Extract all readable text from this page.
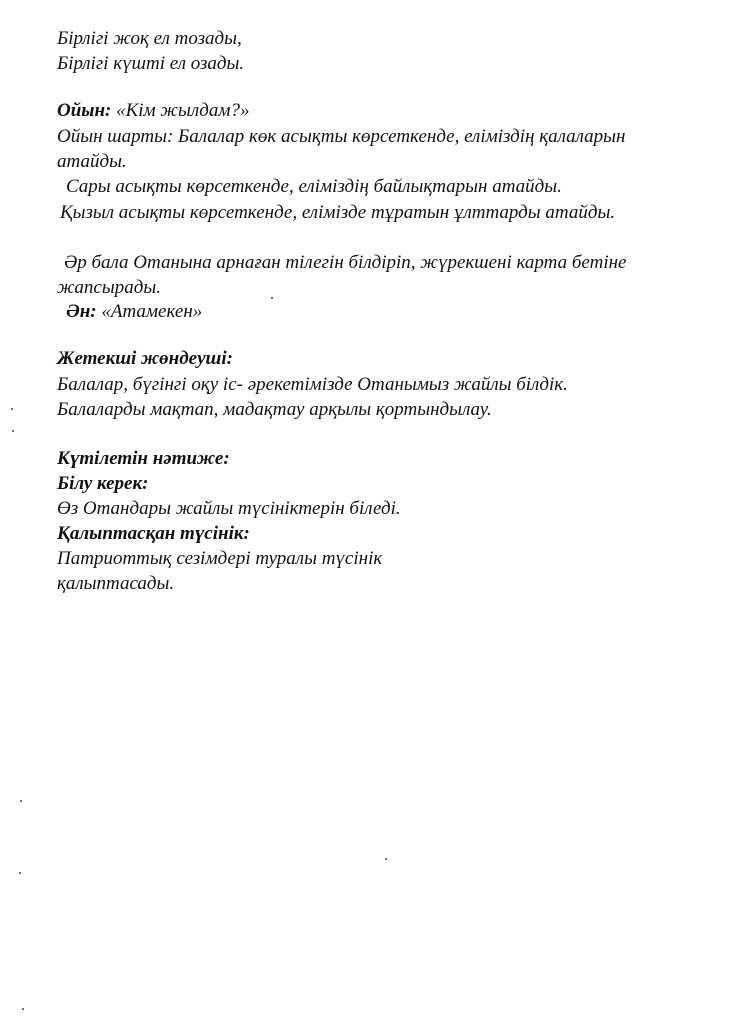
Бірлігі жоқ ел тозады,
Бірлігі күшті ел озады.
Ойын: «Кім жылдам?»
Ойын шарты: Балалар көк асықты көрсеткенде, еліміздің қалаларын
атайды.
Сары асықты көрсеткенде, еліміздің байлықтарын атайды.
Қызыл асықты көрсеткенде, елімізде тұратын ұлттарды атайды.
Әр бала Отанына арнаған тілегін білдіріп, жүрекшені карта бетіне
жапсырады.
Ән: «Атамекен»
Жетекші жөндеуші:
Балалар, бүгінгі оқу іс- әрекетімізде Отанымыз жайлы білдік.
Балаларды мақтап, мадақтау арқылы қортындылау.
Күтілетін нәтиже:
Білу керек:
Өз Отандары жайлы түсініктерін біледі.
Қалыптасқан түсінік:
Патриоттық сезімдері туралы түсінік
қалыптасады.
